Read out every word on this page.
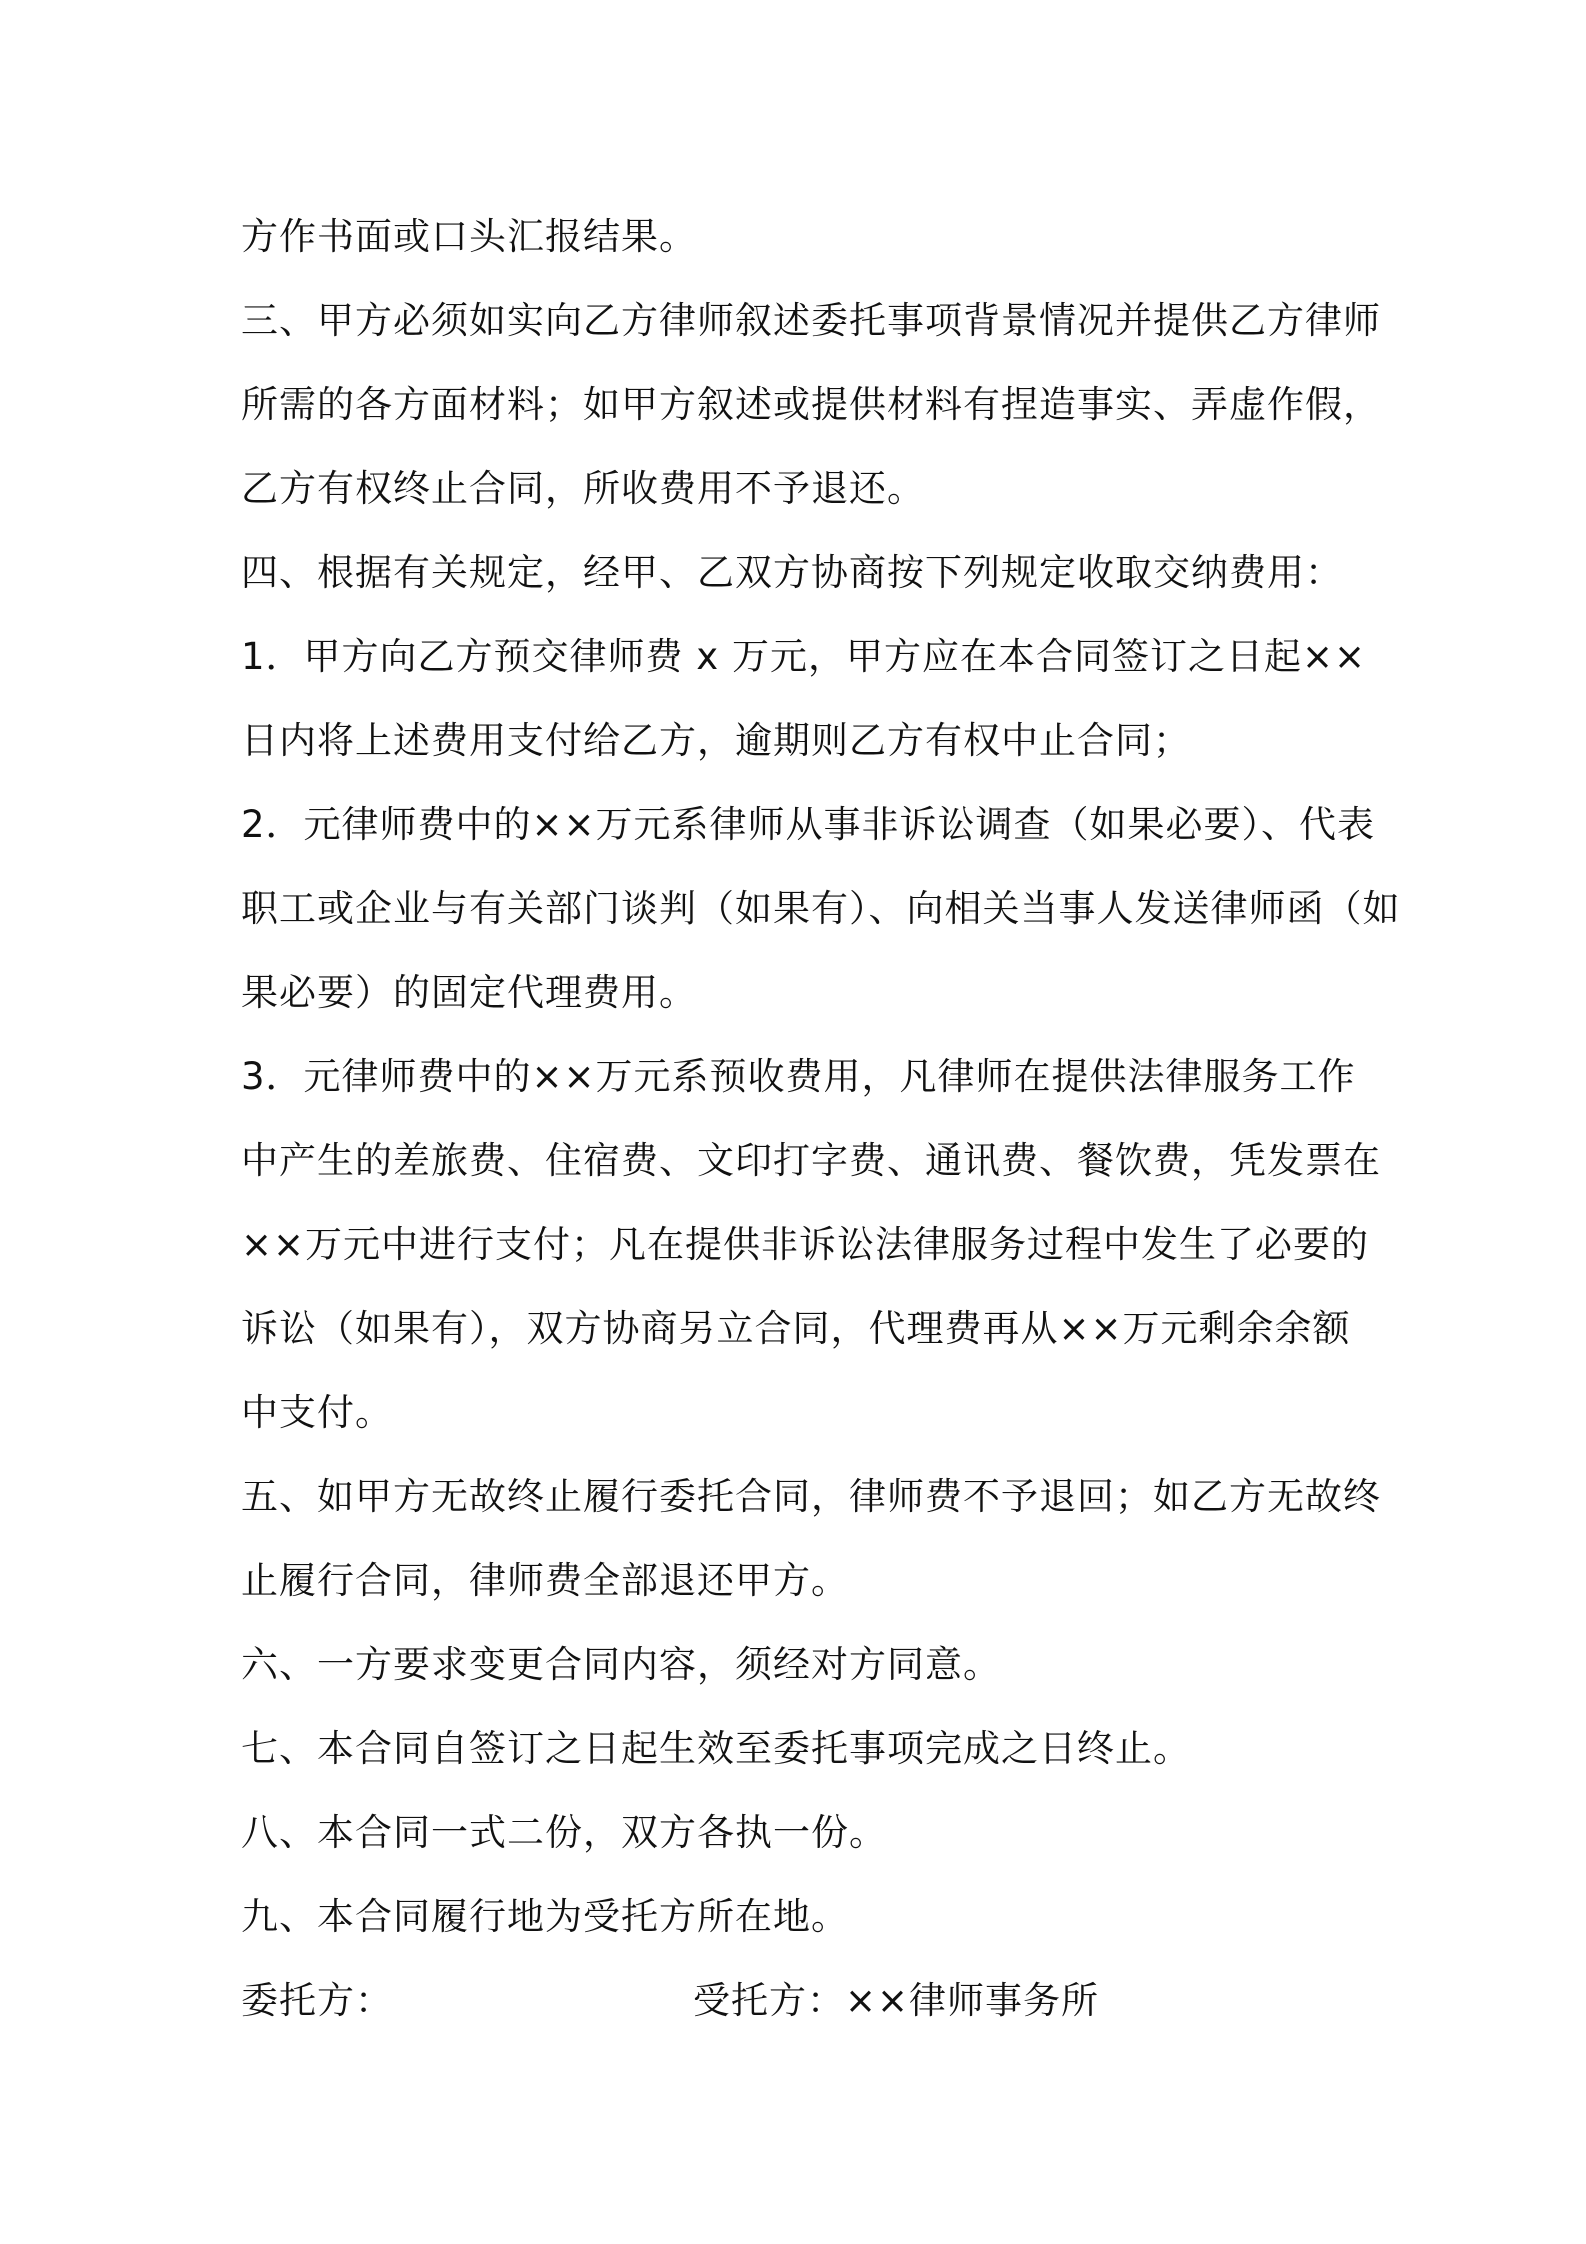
方作书面或口头汇报结果。
三、甲方必须如实向乙方律师叙述委托事项背景情况并提供乙方律师
所需的各方面材料；如甲方叙述或提供材料有捏造事实、弄虚作假，
乙方有权终止合同，所收费用不予退还。
四、根据有关规定，经甲、乙双方协商按下列规定收取交纳费用：
1．甲方向乙方预交律师费 x 万元，甲方应在本合同签订之日起××
日内将上述费用支付给乙方，逾期则乙方有权中止合同；
2．元律师费中的××万元系律师从事非诉讼调查（如果必要）、代表
职工或企业与有关部门谈判（如果有）、向相关当事人发送律师函（如
果必要）的固定代理费用。
3．元律师费中的××万元系预收费用，凡律师在提供法律服务工作
中产生的差旅费、住宿费、文印打字费、通讯费、餐饮费，凭发票在
××万元中进行支付；凡在提供非诉讼法律服务过程中发生了必要的
诉讼（如果有），双方协商另立合同，代理费再从××万元剩余余额
中支付。
五、如甲方无故终止履行委托合同，律师费不予退回；如乙方无故终
止履行合同，律师费全部退还甲方。
六、一方要求变更合同内容，须经对方同意。
七、本合同自签订之日起生效至委托事项完成之日终止。
八、本合同一式二份，双方各执一份。
九、本合同履行地为受托方所在地。
委托方：	受托方：××律师事务所
